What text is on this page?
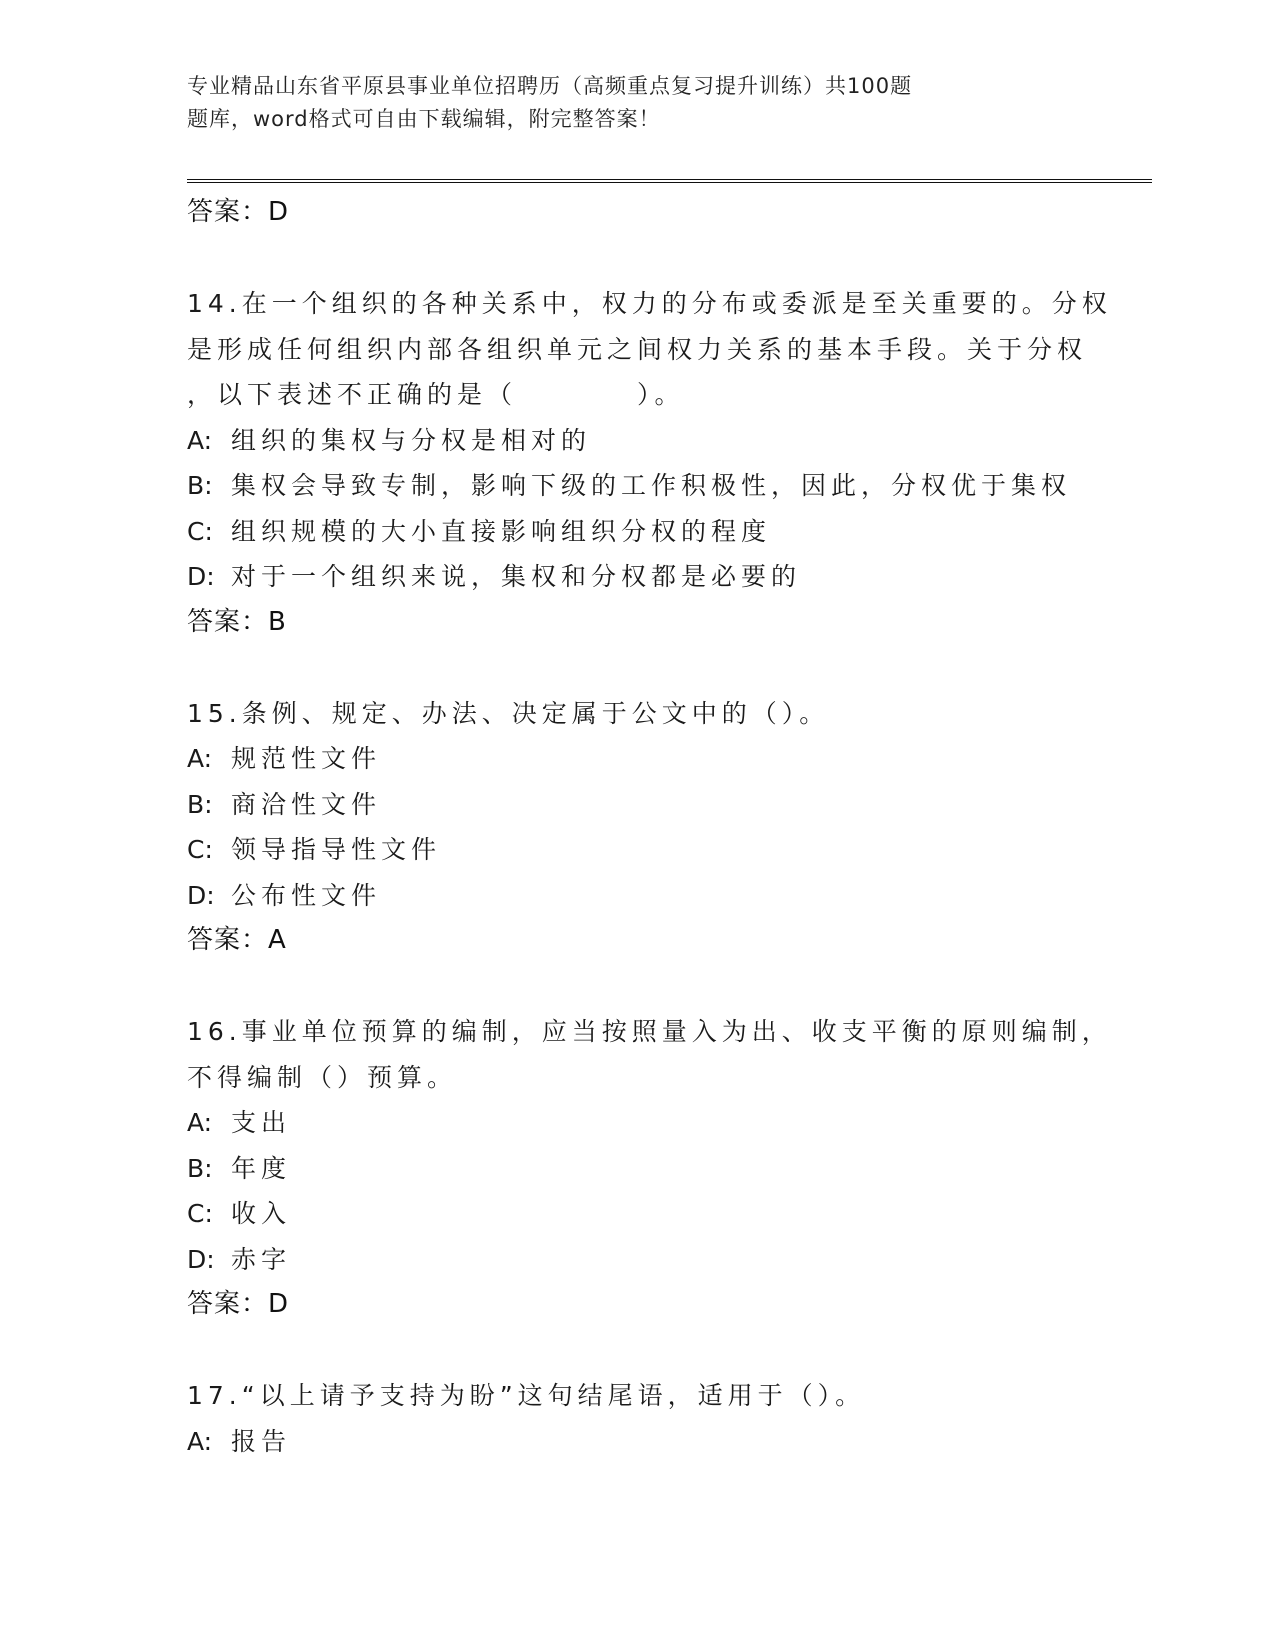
专业精品山东省平原县事业单位招聘历（高频重点复习提升训练）共100题
题库，word格式可自由下载编辑，附完整答案！
答案：D
14.在一个组织的各种关系中，权力的分布或委派是至关重要的。分权
是形成任何组织内部各组织单元之间权力关系的基本手段。关于分权
，以下表述不正确的是（　　　　）。
A: 组织的集权与分权是相对的
B: 集权会导致专制，影响下级的工作积极性，因此，分权优于集权
C: 组织规模的大小直接影响组织分权的程度
D: 对于一个组织来说，集权和分权都是必要的
答案：B
15.条例、规定、办法、决定属于公文中的（）。
A: 规范性文件
B: 商洽性文件
C: 领导指导性文件
D: 公布性文件
答案：A
16.事业单位预算的编制，应当按照量入为出、收支平衡的原则编制，
不得编制（）预算。
A: 支出
B: 年度
C: 收入
D: 赤字
答案：D
17.“以上请予支持为盼”这句结尾语，适用于（）。
A: 报告
